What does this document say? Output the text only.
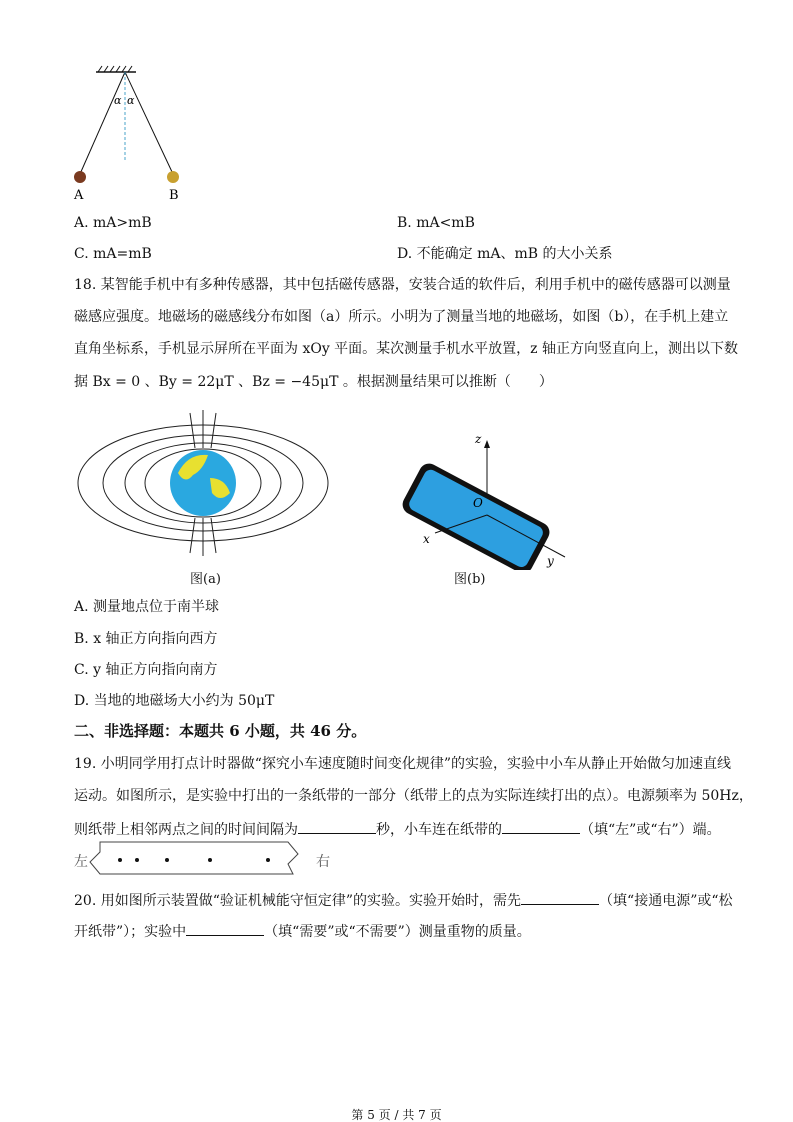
α α
A	B
A. mA>mB	B. mA<mB
C. mA=mB	D. 不能确定 mA、mB 的大小关系
18. 某智能手机中有多种传感器，其中包括磁传感器，安装合适的软件后，利用手机中的磁传感器可以测量
磁感应强度。地磁场的磁感线分布如图（a）所示。小明为了测量当地的地磁场，如图（b），在手机上建立
直角坐标系，手机显示屏所在平面为 xOy 平面。某次测量手机水平放置，z 轴正方向竖直向上，测出以下数
据 Bx = 0 、By = 22μT 、Bz = −45μT 。根据测量结果可以推断（　　）
图(a)
z
O
x
y
图(b)
A. 测量地点位于南半球
B. x 轴正方向指向西方
C. y 轴正方向指向南方
D. 当地的地磁场大小约为 50μT
二、非选择题：本题共 6 小题，共 46 分。
19. 小明同学用打点计时器做“探究小车速度随时间变化规律”的实验，实验中小车从静止开始做匀加速直线
运动。如图所示，是实验中打出的一条纸带的一部分（纸带上的点为实际连续打出的点）。电源频率为 50Hz，
则纸带上相邻两点之间的时间间隔为	秒，小车连在纸带的	（填“左”或“右”）端。
左	右
20. 用如图所示装置做“验证机械能守恒定律”的实验。实验开始时，需先	（填“接通电源”或“松
开纸带”）；实验中	（填“需要”或“不需要”）测量重物的质量。
第 5 页 / 共 7 页
